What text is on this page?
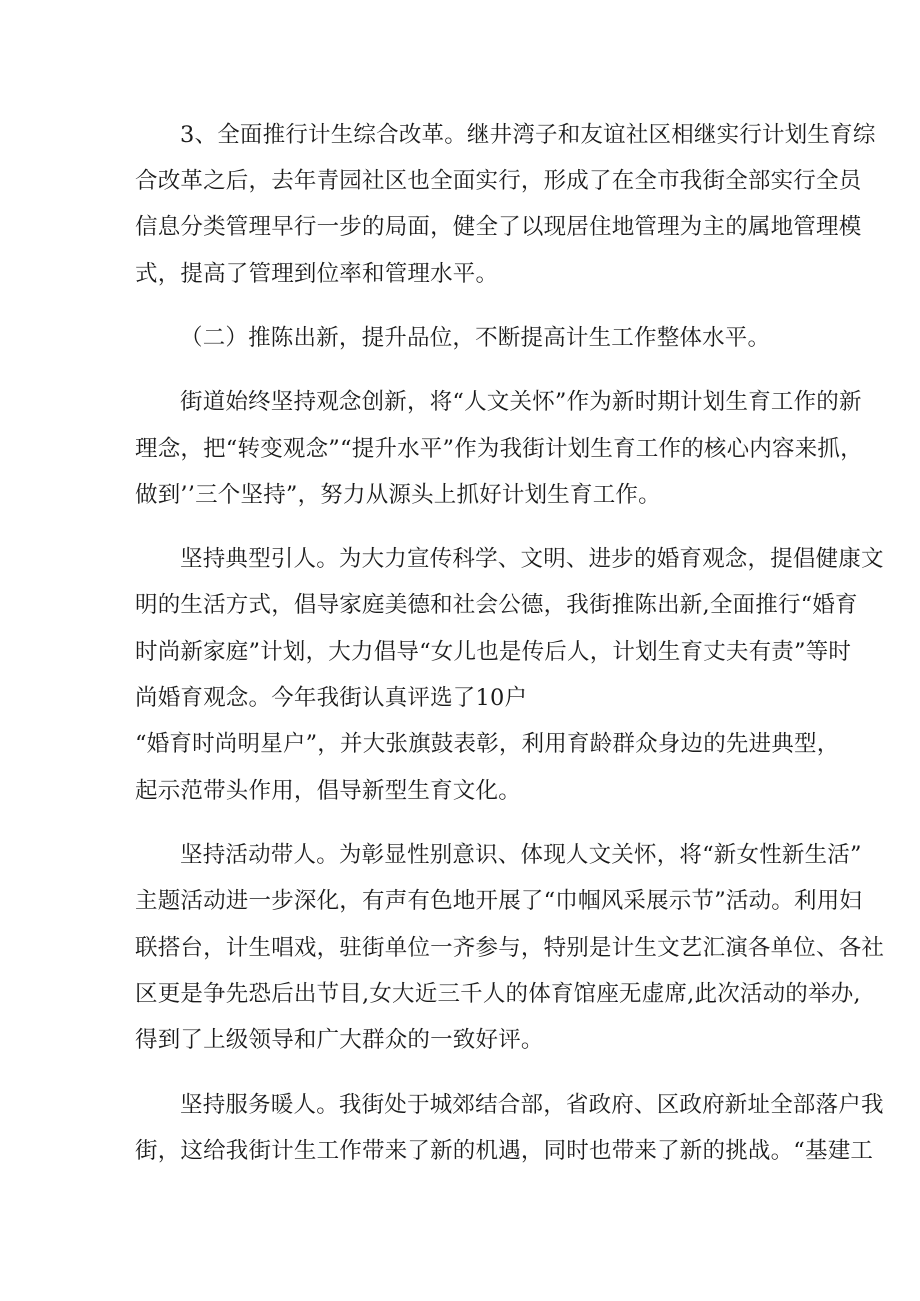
3、全面推行计生综合改革。继井湾子和友谊社区相继实行计划生育综
合改革之后，去年青园社区也全面实行，形成了在全市我街全部实行全员
信息分类管理早行一步的局面，健全了以现居住地管理为主的属地管理模
式，提高了管理到位率和管理水平。
（二）推陈出新，提升品位，不断提高计生工作整体水平。
街道始终坚持观念创新，将“人文关怀”作为新时期计划生育工作的新
理念，把“转变观念”“提升水平”作为我街计划生育工作的核心内容来抓，
做到’’三个坚持”，努力从源头上抓好计划生育工作。
坚持典型引人。为大力宣传科学、文明、进步的婚育观念，提倡健康文
明的生活方式，倡导家庭美德和社会公德，我街推陈出新,全面推行“婚育
时尚新家庭”计划，大力倡导“女儿也是传后人，计划生育丈夫有责”等时
尚婚育观念。今年我街认真评选了10户
“婚育时尚明星户”，并大张旗鼓表彰，利用育龄群众身边的先进典型，
起示范带头作用，倡导新型生育文化。
坚持活动带人。为彰显性别意识、体现人文关怀，将“新女性新生活”
主题活动进一步深化，有声有色地开展了“巾帼风采展示节”活动。利用妇
联搭台，计生唱戏，驻街单位一齐参与，特别是计生文艺汇演各单位、各社
区更是争先恐后出节目,女大近三千人的体育馆座无虚席,此次活动的举办,
得到了上级领导和广大群众的一致好评。
坚持服务暖人。我街处于城郊结合部，省政府、区政府新址全部落户我
街，这给我街计生工作带来了新的机遇，同时也带来了新的挑战。“基建工
